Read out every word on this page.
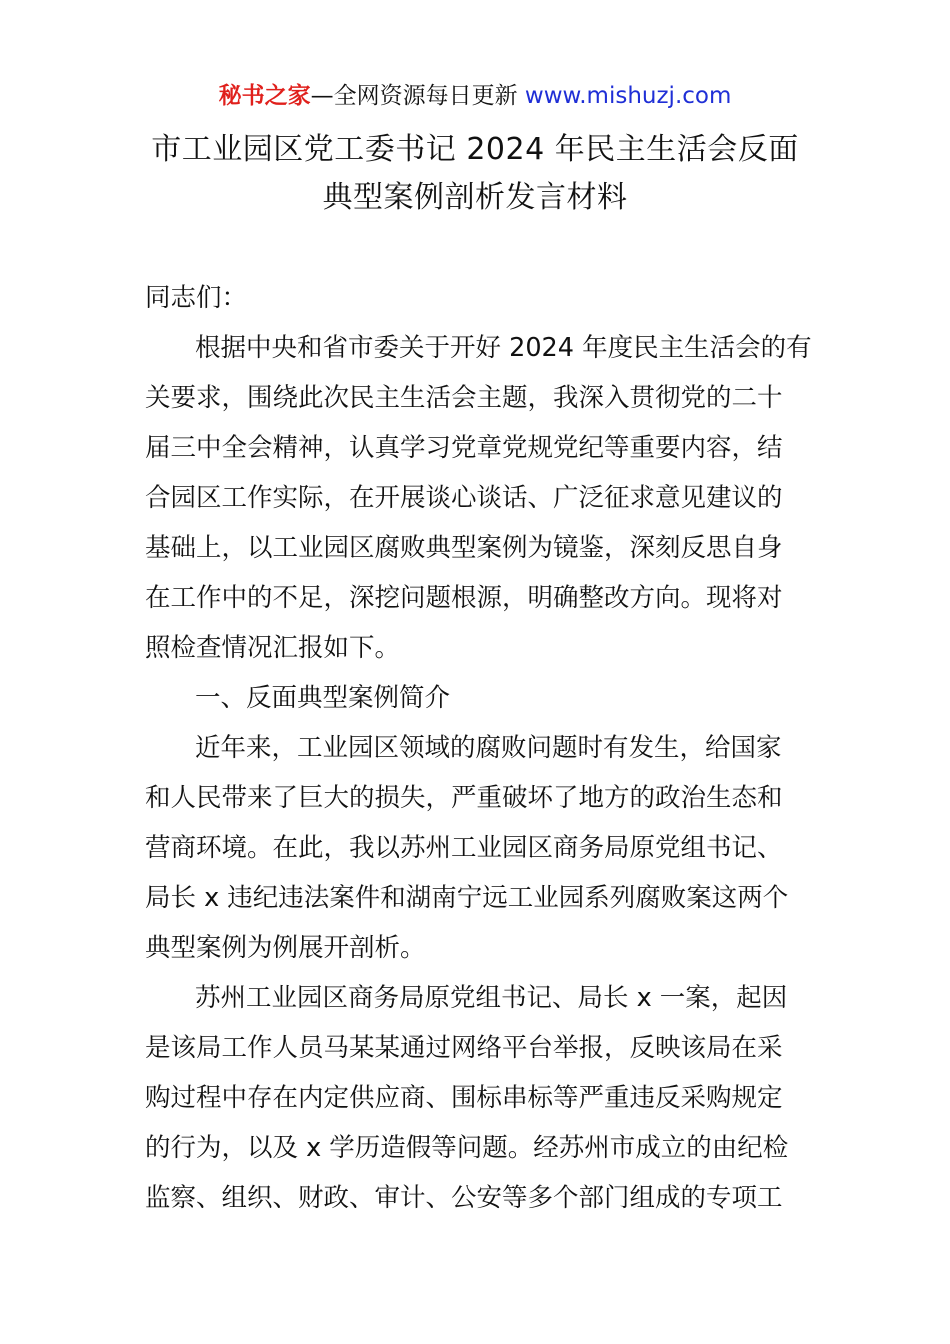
秘书之家—全网资源每日更新 www.mishuzj.com
市工业园区党工委书记 2024 年民主生活会反面
典型案例剖析发言材料
同志们：
根据中央和省市委关于开好 2024 年度民主生活会的有
关要求，围绕此次民主生活会主题，我深入贯彻党的二十
届三中全会精神，认真学习党章党规党纪等重要内容，结
合园区工作实际，在开展谈心谈话、广泛征求意见建议的
基础上，以工业园区腐败典型案例为镜鉴，深刻反思自身
在工作中的不足，深挖问题根源，明确整改方向。现将对
照检查情况汇报如下。
一、反面典型案例简介
近年来，工业园区领域的腐败问题时有发生，给国家
和人民带来了巨大的损失，严重破坏了地方的政治生态和
营商环境。在此，我以苏州工业园区商务局原党组书记、
局长 x 违纪违法案件和湖南宁远工业园系列腐败案这两个
典型案例为例展开剖析。
苏州工业园区商务局原党组书记、局长 x 一案，起因
是该局工作人员马某某通过网络平台举报，反映该局在采
购过程中存在内定供应商、围标串标等严重违反采购规定
的行为，以及 x 学历造假等问题。经苏州市成立的由纪检
监察、组织、财政、审计、公安等多个部门组成的专项工
